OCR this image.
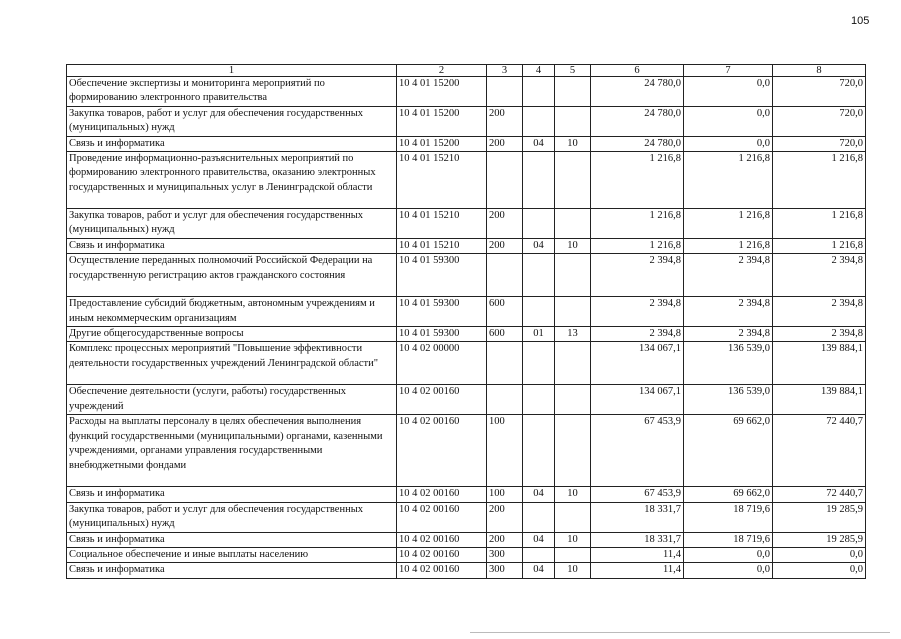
105
1	2	3	4	5	6	7	8
Обеспечение экспертизы и мониторинга мероприятий по формированию электронного правительства	10 4 01 15200				24 780,0	0,0	720,0
Закупка товаров, работ и услуг для обеспечения государственных (муниципальных) нужд	10 4 01 15200	200			24 780,0	0,0	720,0
Связь и информатика	10 4 01 15200	200	04	10	24 780,0	0,0	720,0
Проведение информационно-разъяснительных мероприятий по формированию электронного правительства, оказанию электронных государственных и муниципальных услуг в Ленинградской области	10 4 01 15210				1 216,8	1 216,8	1 216,8
Закупка товаров, работ и услуг для обеспечения государственных (муниципальных) нужд	10 4 01 15210	200			1 216,8	1 216,8	1 216,8
Связь и информатика	10 4 01 15210	200	04	10	1 216,8	1 216,8	1 216,8
Осуществление переданных полномочий Российской Федерации на государственную регистрацию актов гражданского состояния	10 4 01 59300				2 394,8	2 394,8	2 394,8
Предоставление субсидий бюджетным, автономным учреждениям и иным некоммерческим организациям	10 4 01 59300	600			2 394,8	2 394,8	2 394,8
Другие общегосударственные вопросы	10 4 01 59300	600	01	13	2 394,8	2 394,8	2 394,8
Комплекс процессных мероприятий "Повышение эффективности деятельности государственных учреждений Ленинградской области"	10 4 02 00000				134 067,1	136 539,0	139 884,1
Обеспечение деятельности (услуги, работы) государственных учреждений	10 4 02 00160				134 067,1	136 539,0	139 884,1
Расходы на выплаты персоналу в целях обеспечения выполнения функций государственными (муниципальными) органами, казенными учреждениями, органами управления государственными внебюджетными фондами	10 4 02 00160	100			67 453,9	69 662,0	72 440,7
Связь и информатика	10 4 02 00160	100	04	10	67 453,9	69 662,0	72 440,7
Закупка товаров, работ и услуг для обеспечения государственных (муниципальных) нужд	10 4 02 00160	200			18 331,7	18 719,6	19 285,9
Связь и информатика	10 4 02 00160	200	04	10	18 331,7	18 719,6	19 285,9
Социальное обеспечение и иные выплаты населению	10 4 02 00160	300			11,4	0,0	0,0
Связь и информатика	10 4 02 00160	300	04	10	11,4	0,0	0,0
